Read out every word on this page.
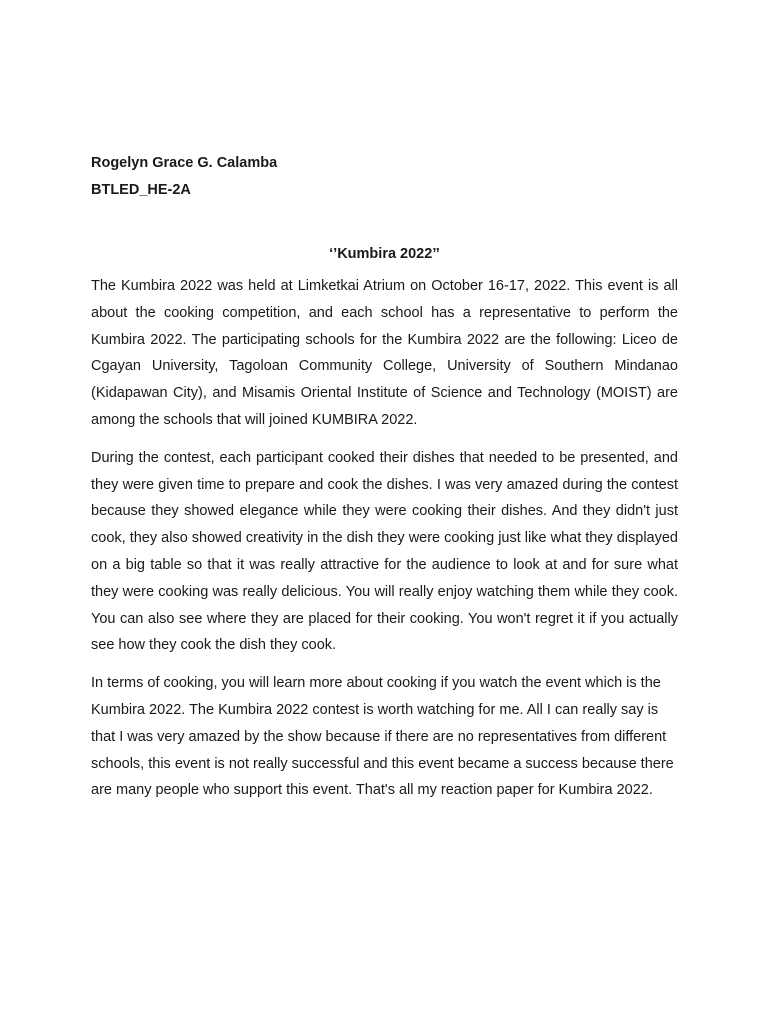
Rogelyn Grace G. Calamba

BTLED_HE-2A

‘’Kumbira 2022’’

The Kumbira 2022 was held at Limketkai Atrium on October 16-17, 2022. This event is all about the cooking competition, and each school has a representative to perform the Kumbira 2022. The participating schools for the Kumbira 2022 are the following: Liceo de Cgayan University, Tagoloan Community College, University of Southern Mindanao (Kidapawan City), and Misamis Oriental Institute of Science and Technology (MOIST) are among the schools that will joined KUMBIRA 2022.

During the contest, each participant cooked their dishes that needed to be presented, and they were given time to prepare and cook the dishes. I was very amazed during the contest because they showed elegance while they were cooking their dishes. And they didn't just cook, they also showed creativity in the dish they were cooking just like what they displayed on a big table so that it was really attractive for the audience to look at and for sure what they were cooking was really delicious. You will really enjoy watching them while they cook. You can also see where they are placed for their cooking. You won't regret it if you actually see how they cook the dish they cook.

In terms of cooking, you will learn more about cooking if you watch the event which is the Kumbira 2022. The Kumbira 2022 contest is worth watching for me. All I can really say is that I was very amazed by the show because if there are no representatives from different schools, this event is not really successful and this event became a success because there are many people who support this event. That's all my reaction paper for Kumbira 2022.
